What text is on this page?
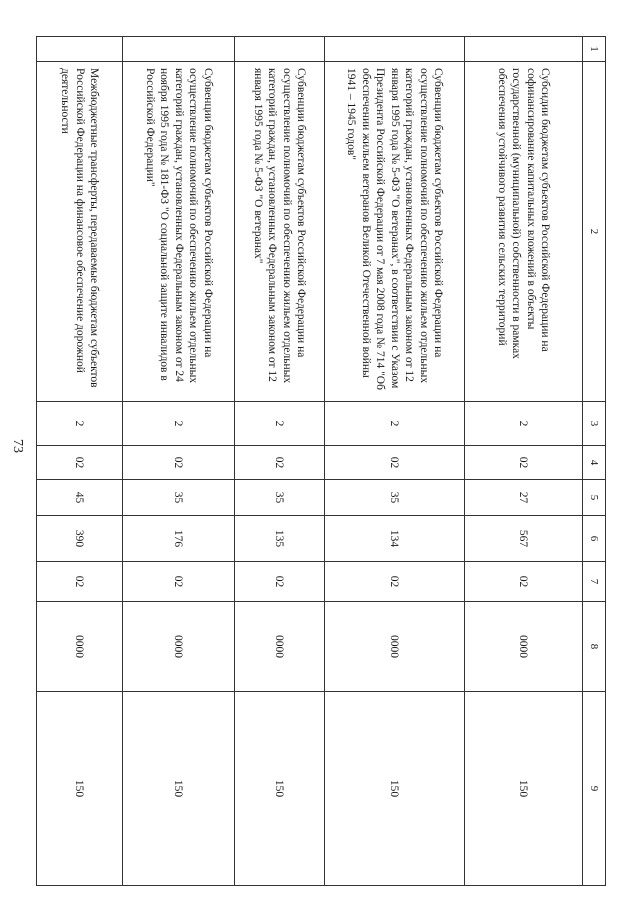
73
1	2	3	4	5	6	7	8	9
	Субсидии бюджетам субъектов Российской Федерации на софинансирование капитальных вложений в объекты государственной (муниципальной) собственности в рамках обеспечения устойчивого развития сельских территорий	2	02	27	567	02	0000	150
	Субвенции бюджетам субъектов Российской Федерации на осуществление полномочий по обеспечению жильем отдельных категорий граждан, установленных Федеральным законом от 12 января 1995 года № 5-ФЗ "О ветеранах", в соответствии с Указом Президента Российской Федерации от 7 мая 2008 года № 714 "Об обеспечении жильем ветеранов Великой Отечественной войны 1941 – 1945 годов"	2	02	35	134	02	0000	150
	Субвенции бюджетам субъектов Российской Федерации на осуществление полномочий по обеспечению жильем отдельных категорий граждан, установленных Федеральным законом от 12 января 1995 года № 5-ФЗ "О ветеранах"	2	02	35	135	02	0000	150
	Субвенции бюджетам субъектов Российской Федерации на осуществление полномочий по обеспечению жильем отдельных категорий граждан, установленных Федеральным законом от 24 ноября 1995 года № 181-ФЗ "О социальной защите инвалидов в Российской Федерации"	2	02	35	176	02	0000	150
	Межбюджетные трансферты, передаваемые бюджетам субъектов Российской Федерации на финансовое обеспечение дорожной деятельности	2	02	45	390	02	0000	150
